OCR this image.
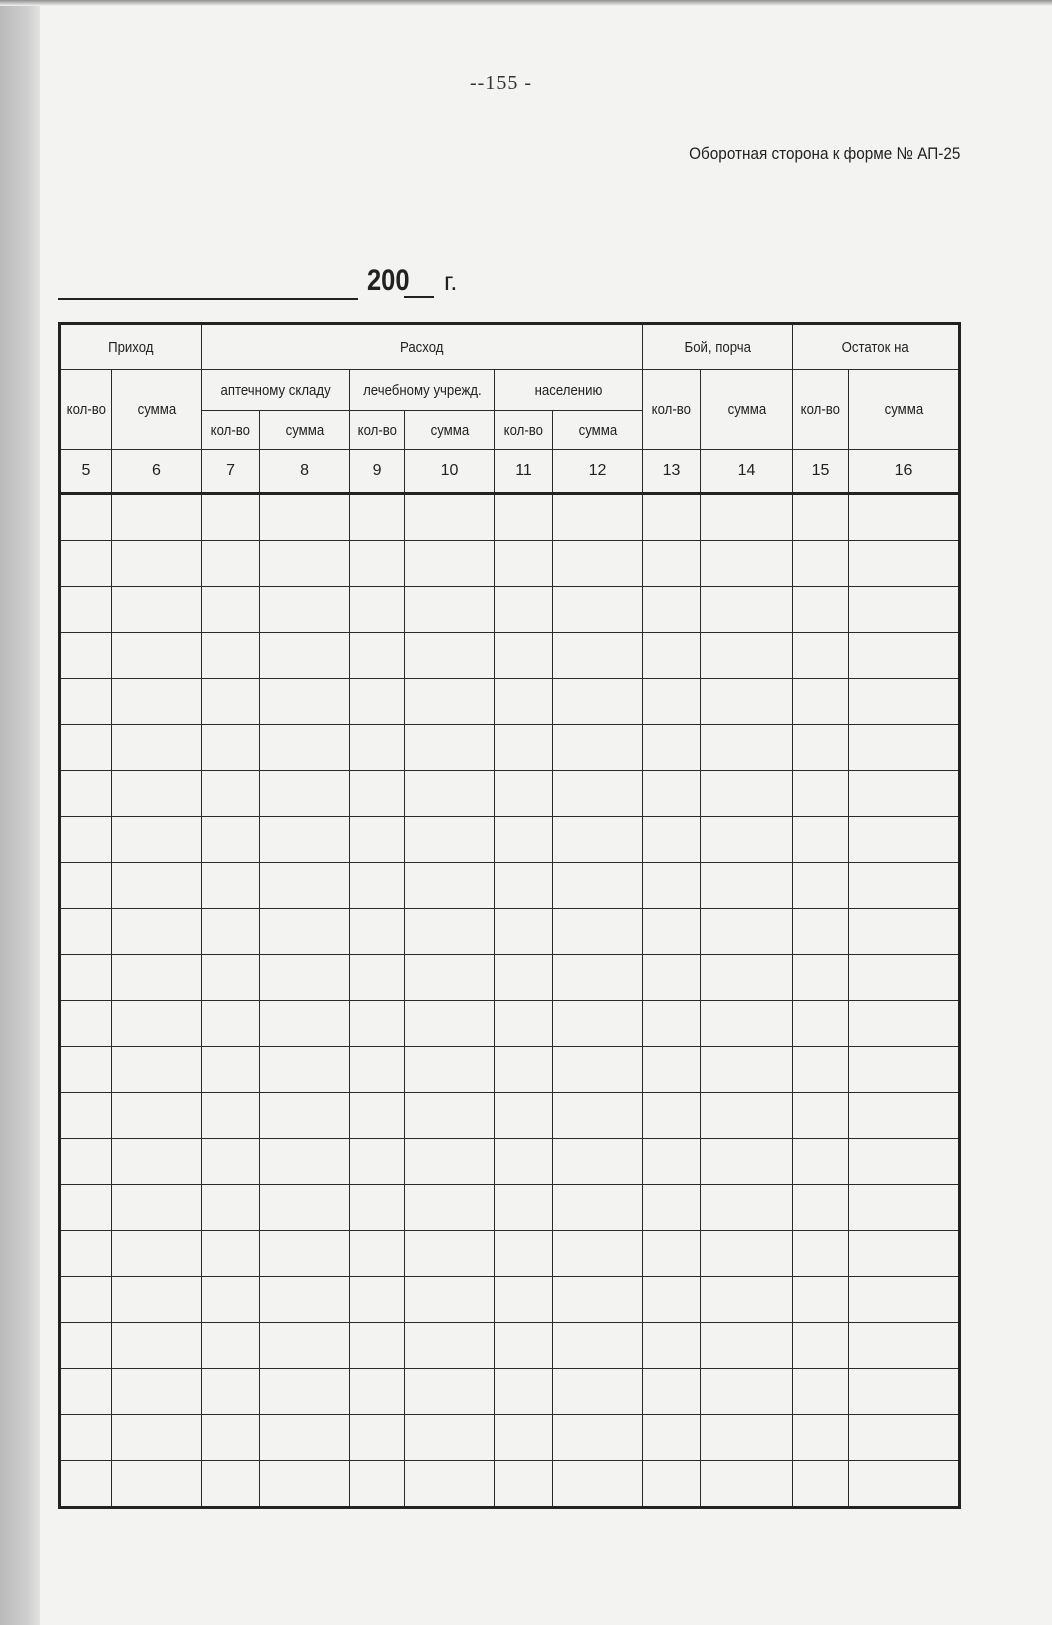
--155 -
Оборотная сторона к форме № АП-25
200 г.
Приход		Расход						Бой, порча		Остаток на	
кол-во	сумма	аптечному складу		лечебному учрежд.		населению		кол-во	сумма	кол-во	сумма
		кол-во	сумма	кол-во	сумма	кол-во	сумма				
5	6	7	8	9	10	11	12	13	14	15	16
